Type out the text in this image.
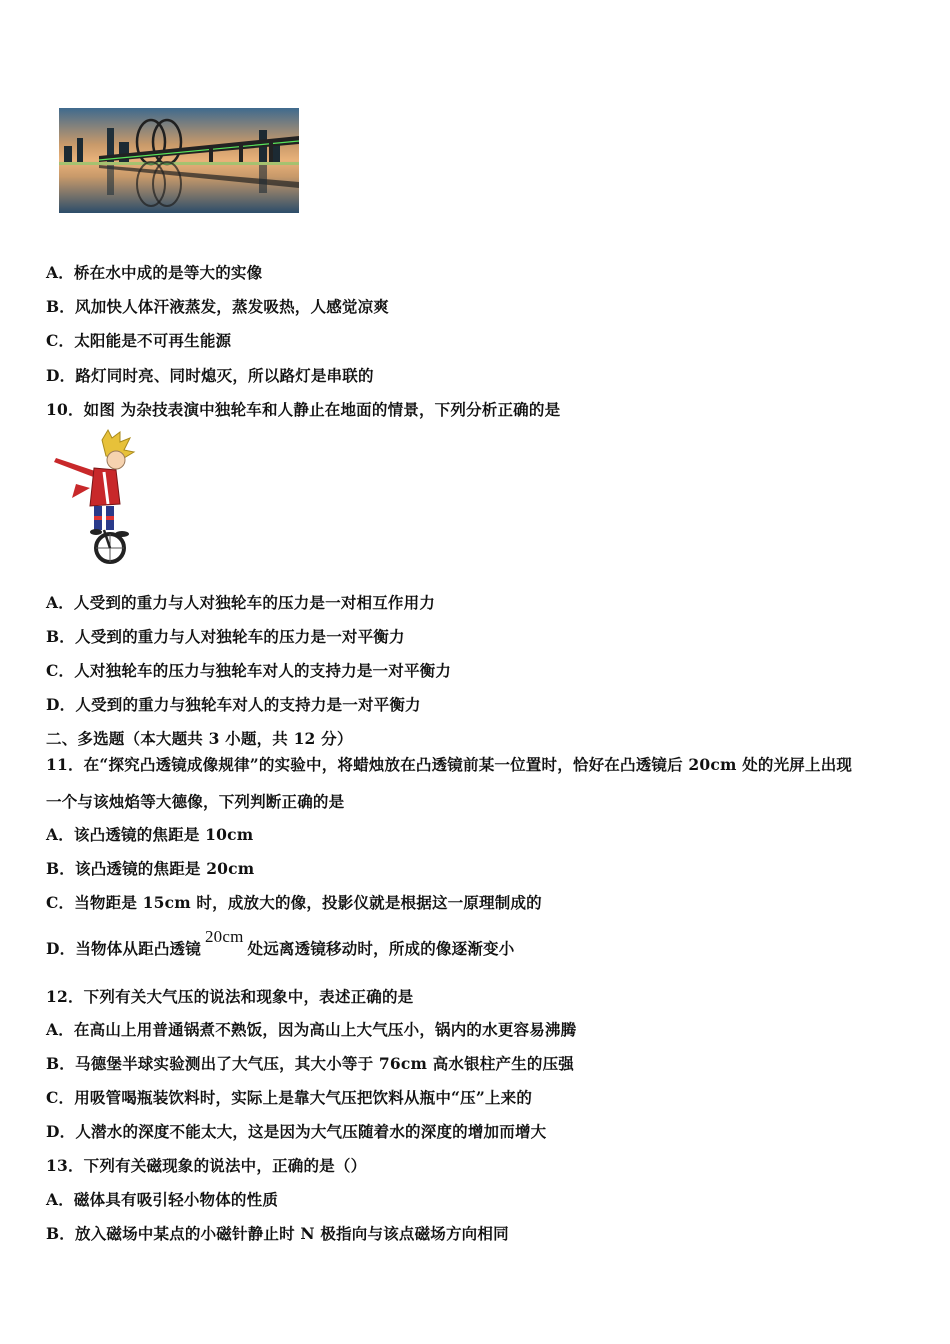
A．桥在水中成的是等大的实像
B．风加快人体汗液蒸发，蒸发吸热，人感觉凉爽
C．太阳能是不可再生能源
D．路灯同时亮、同时熄灭，所以路灯是串联的
10．如图 为杂技表演中独轮车和人静止在地面的情景，下列分析正确的是
A．人受到的重力与人对独轮车的压力是一对相互作用力
B．人受到的重力与人对独轮车的压力是一对平衡力
C．人对独轮车的压力与独轮车对人的支持力是一对平衡力
D．人受到的重力与独轮车对人的支持力是一对平衡力
二、多选题（本大题共 3 小题，共 12 分）
11．在“探究凸透镜成像规律”的实验中，将蜡烛放在凸透镜前某一位置时，恰好在凸透镜后 20cm 处的光屏上出现
一个与该烛焰等大德像，下列判断正确的是
A．该凸透镜的焦距是 10cm
B．该凸透镜的焦距是 20cm
C．当物距是 15cm 时，成放大的像，投影仪就是根据这一原理制成的
D．当物体从距凸透镜20cm处远离透镜移动时，所成的像逐渐变小
12．下列有关大气压的说法和现象中，表述正确的是
A．在高山上用普通锅煮不熟饭，因为高山上大气压小，锅内的水更容易沸腾
B．马德堡半球实验测出了大气压，其大小等于 76cm 高水银柱产生的压强
C．用吸管喝瓶装饮料时，实际上是靠大气压把饮料从瓶中“压”上来的
D．人潜水的深度不能太大，这是因为大气压随着水的深度的增加而增大
13．下列有关磁现象的说法中，正确的是（）
A．磁体具有吸引轻小物体的性质
B．放入磁场中某点的小磁针静止时 N 极指向与该点磁场方向相同
